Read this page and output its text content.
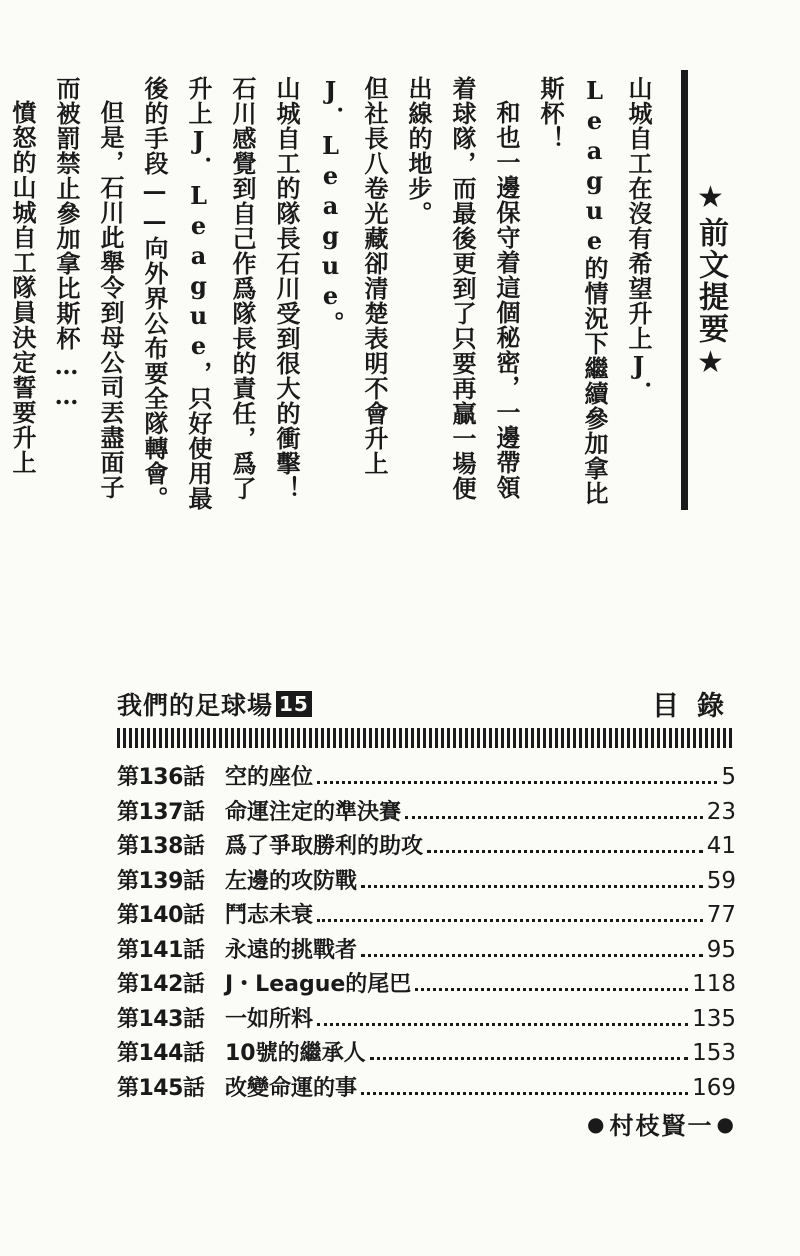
★前文提要★

山城自工在沒有希望升上J．League的情況下繼續參加拿比斯杯！

和也一邊保守着這個秘密，一邊帶領着球隊，而最後更到了只要再贏一場便出線的地步。

但社長八卷光藏卻清楚表明不會升上J．League。

山城自工的隊長石川受到很大的衝擊！

石川感覺到自己作爲隊長的責任，爲了升上J．League，只好使用最後的手段——向外界公布要全隊轉會。

但是，石川此舉令到母公司丟盡面子而被罰禁止參加拿比斯杯……

憤怒的山城自工隊員決定誓要升上

我們的足球場 15	目錄
第136話 空的座位	5
第137話 命運注定的準決賽	23
第138話 爲了爭取勝利的助攻	41
第139話 左邊的攻防戰	59
第140話 鬥志未衰	77
第141話 永遠的挑戰者	95
第142話 J・League的尾巴	118
第143話 一如所料	135
第144話 10號的繼承人	153
第145話 改變命運的事	169
● 村枝賢一 ●
